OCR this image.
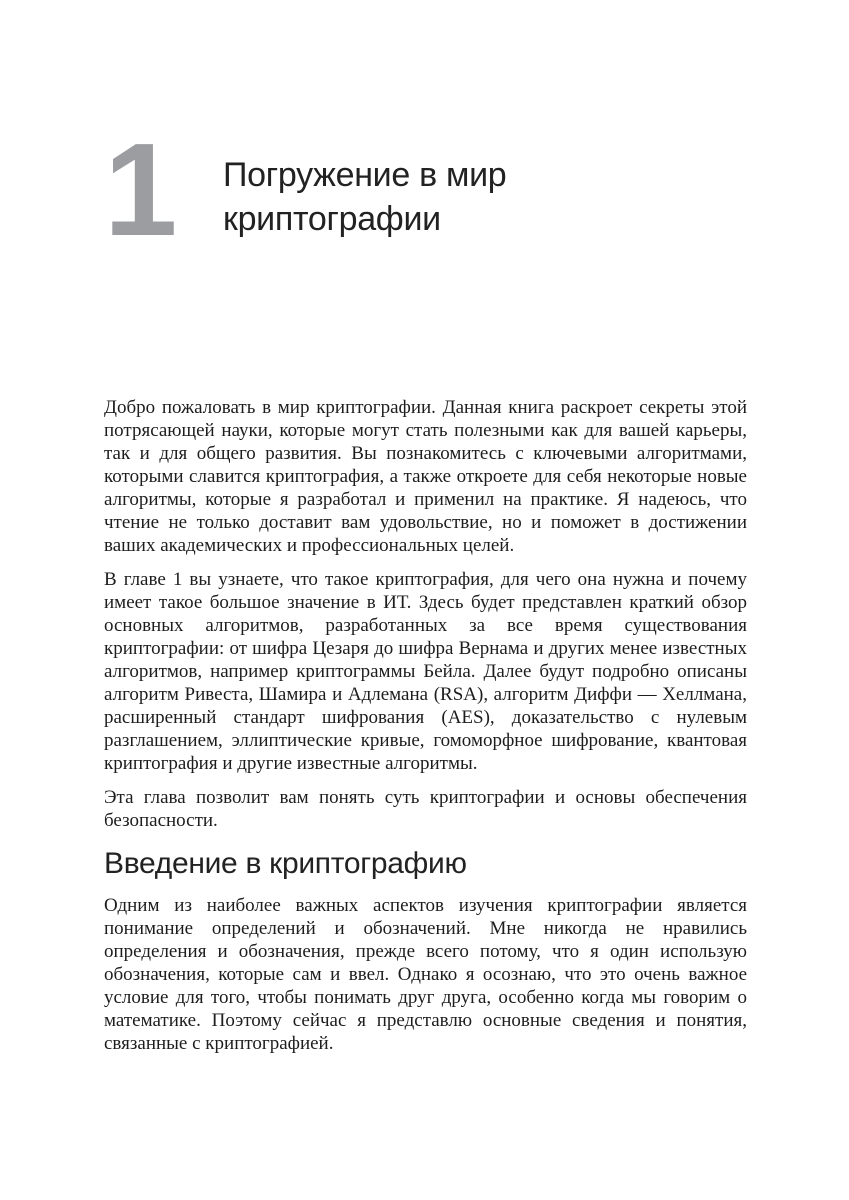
1 Погружение в мир криптографии

Добро пожаловать в мир криптографии. Данная книга раскроет секреты этой потрясающей науки, которые могут стать полезными как для вашей карьеры, так и для общего развития. Вы познакомитесь с ключевыми алгоритмами, которыми славится криптография, а также откроете для себя некоторые новые алгоритмы, которые я разработал и применил на практике. Я надеюсь, что чтение не только доставит вам удовольствие, но и поможет в достижении ваших академических и профессиональных целей.

В главе 1 вы узнаете, что такое криптография, для чего она нужна и почему имеет такое большое значение в ИТ. Здесь будет представлен краткий обзор основных алгоритмов, разработанных за все время существования криптографии: от шифра Цезаря до шифра Вернама и других менее известных алгоритмов, например криптограммы Бейла. Далее будут подробно описаны алгоритм Ривеста, Шамира и Адлемана (RSA), алгоритм Диффи — Хеллмана, расширенный стандарт шифрования (AES), доказательство с нулевым разглашением, эллиптические кривые, гомоморфное шифрование, квантовая криптография и другие известные алгоритмы.

Эта глава позволит вам понять суть криптографии и основы обеспечения безопасности.

Введение в криптографию

Одним из наиболее важных аспектов изучения криптографии является понимание определений и обозначений. Мне никогда не нравились определения и обозначения, прежде всего потому, что я один использую обозначения, которые сам и ввел. Однако я осознаю, что это очень важное условие для того, чтобы понимать друг друга, особенно когда мы говорим о математике. Поэтому сейчас я представлю основные сведения и понятия, связанные с криптографией.
